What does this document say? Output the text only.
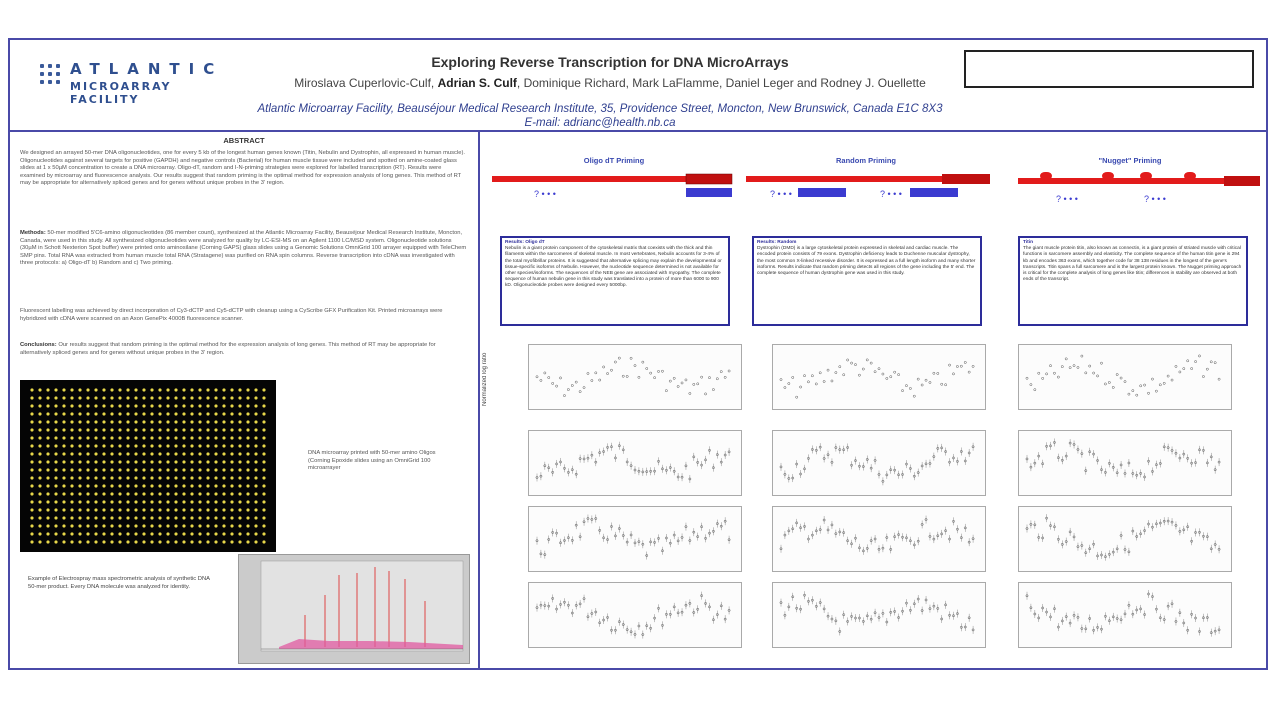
ATLANTIC
MICROARRAY FACILITY
Exploring Reverse Transcription for DNA MicroArrays
Miroslava Cuperlovic-Culf, Adrian S. Culf, Dominique Richard, Mark LaFlamme, Daniel Leger and Rodney J. Ouellette
Atlantic Microarray Facility, Beauséjour Medical Research Institute, 35, Providence Street, Moncton, New Brunswick, Canada E1C 8X3
E-mail: adrianc@health.nb.ca
ABSTRACT
We designed an arrayed 50-mer DNA oligonucleotides, one for every 5 kb of the longest human genes known (Titin, Nebulin and Dystrophin, all expressed in human muscle). Oligonucleotides against several targets for positive (GAPDH) and negative controls (Bacterial) for human muscle tissue were included and spotted on amine-coated glass slides at 1 x 50µM concentration to create a DNA microarray. Oligo-dT, random and I-N-priming strategies were explored for labelled transcription (RT). Results were examined by microarray and fluorescence analysis. Our results suggest that random priming is the optimal method for expression analysis of long genes. This method of RT may be appropriate for alternatively spliced genes and for genes without unique probes in the 3' region.
Methods: 50-mer modified 5'C6-amino oligonucleotides (86 member count), synthesized at the Atlantic Microarray Facility, Beauséjour Medical Research Institute, Moncton, Canada, were used in this study. All synthesized oligonucleotides were analyzed for quality by LC-ESI-MS on an Agilent 1100 LC/MSD system. Oligonucleotide solutions (30µM in Schott Nexterion Spot buffer) were printed onto aminosilane (Corning GAPS) glass slides using a Genomic Solutions OmniGrid 100 arrayer equipped with TeleChem SMP pins. Total RNA was extracted from human muscle total RNA (Stratagene) was purified on RNA spin columns. Reverse transcription into cDNA was investigated with three protocols: a) Oligo-dT b) Random and c) Two priming.
Fluorescent labelling was achieved by direct incorporation of Cy3-dCTP and Cy5-dCTP with cleanup using a CyScribe GFX Purification Kit. Printed microarrays were hybridized with cDNA were scanned on an Axon GenePix 4000B fluorescence scanner.
Conclusions: Our results suggest that random priming is the optimal method for the expression analysis of long genes. This method of RT may be appropriate for alternatively spliced genes and for genes without unique probes in the 3' region.
DNA microarray printed with 50-mer amino Oligos (Corning Epoxide slides using an OmniGrid 100 microarrayer
Example of Electrospray mass spectrometric analysis of synthetic DNA 50-mer product. Every DNA molecule was analyzed for identity.
Oligo dT Priming	Random Priming	"Nugget" Priming
? • • •	? • • •	? • • •	? • • •	? • • •
Results: Oligo dT
Nebulin is a giant protein component of the cytoskeletal matrix that coexists with the thick and thin filaments within the sarcomeres of skeletal muscle. In most vertebrates, Nebulin accounts for 3-4% of the total myofibrillar proteins. It is suggested that alternative splicing may explain the developmental or tissue-specific isoforms of Nebulin. However, the nucleotide sequence determined is not available for other species/isoforms. The sequences of the NEB gene are associated with myopathy. The complete sequence of human nebulin gene in this study was translated into a protein of more than 6000 to 900 kD. Oligonucleotide probes were designed every 5000bp.
Results: Random
Dystrophin (DMD) is a large cytoskeletal protein expressed in skeletal and cardiac muscle. The encoded protein consists of 79 exons. Dystrophin deficiency leads to Duchenne muscular dystrophy, the most common X-linked recessive disorder. It is expressed as a full length isoform and many shorter isoforms. Results indicate that random priming detects all regions of the gene including the 5' end. The complete sequence of human dystrophin gene was used in this study.
Titin
The giant muscle protein titin, also known as connectin, is a giant protein of striated muscle with critical functions in sarcomere assembly and elasticity. The complete sequence of the human titin gene is 294 kb and encodes 363 exons, which together code for 38 138 residues in the longest of the gene's transcripts. Titin spans a full sarcomere and is the largest protein known. The Nugget priming approach is critical for the complete analysis of long genes like titin; differences in stability are observed at both ends of the transcript.
Normalized log ratio
